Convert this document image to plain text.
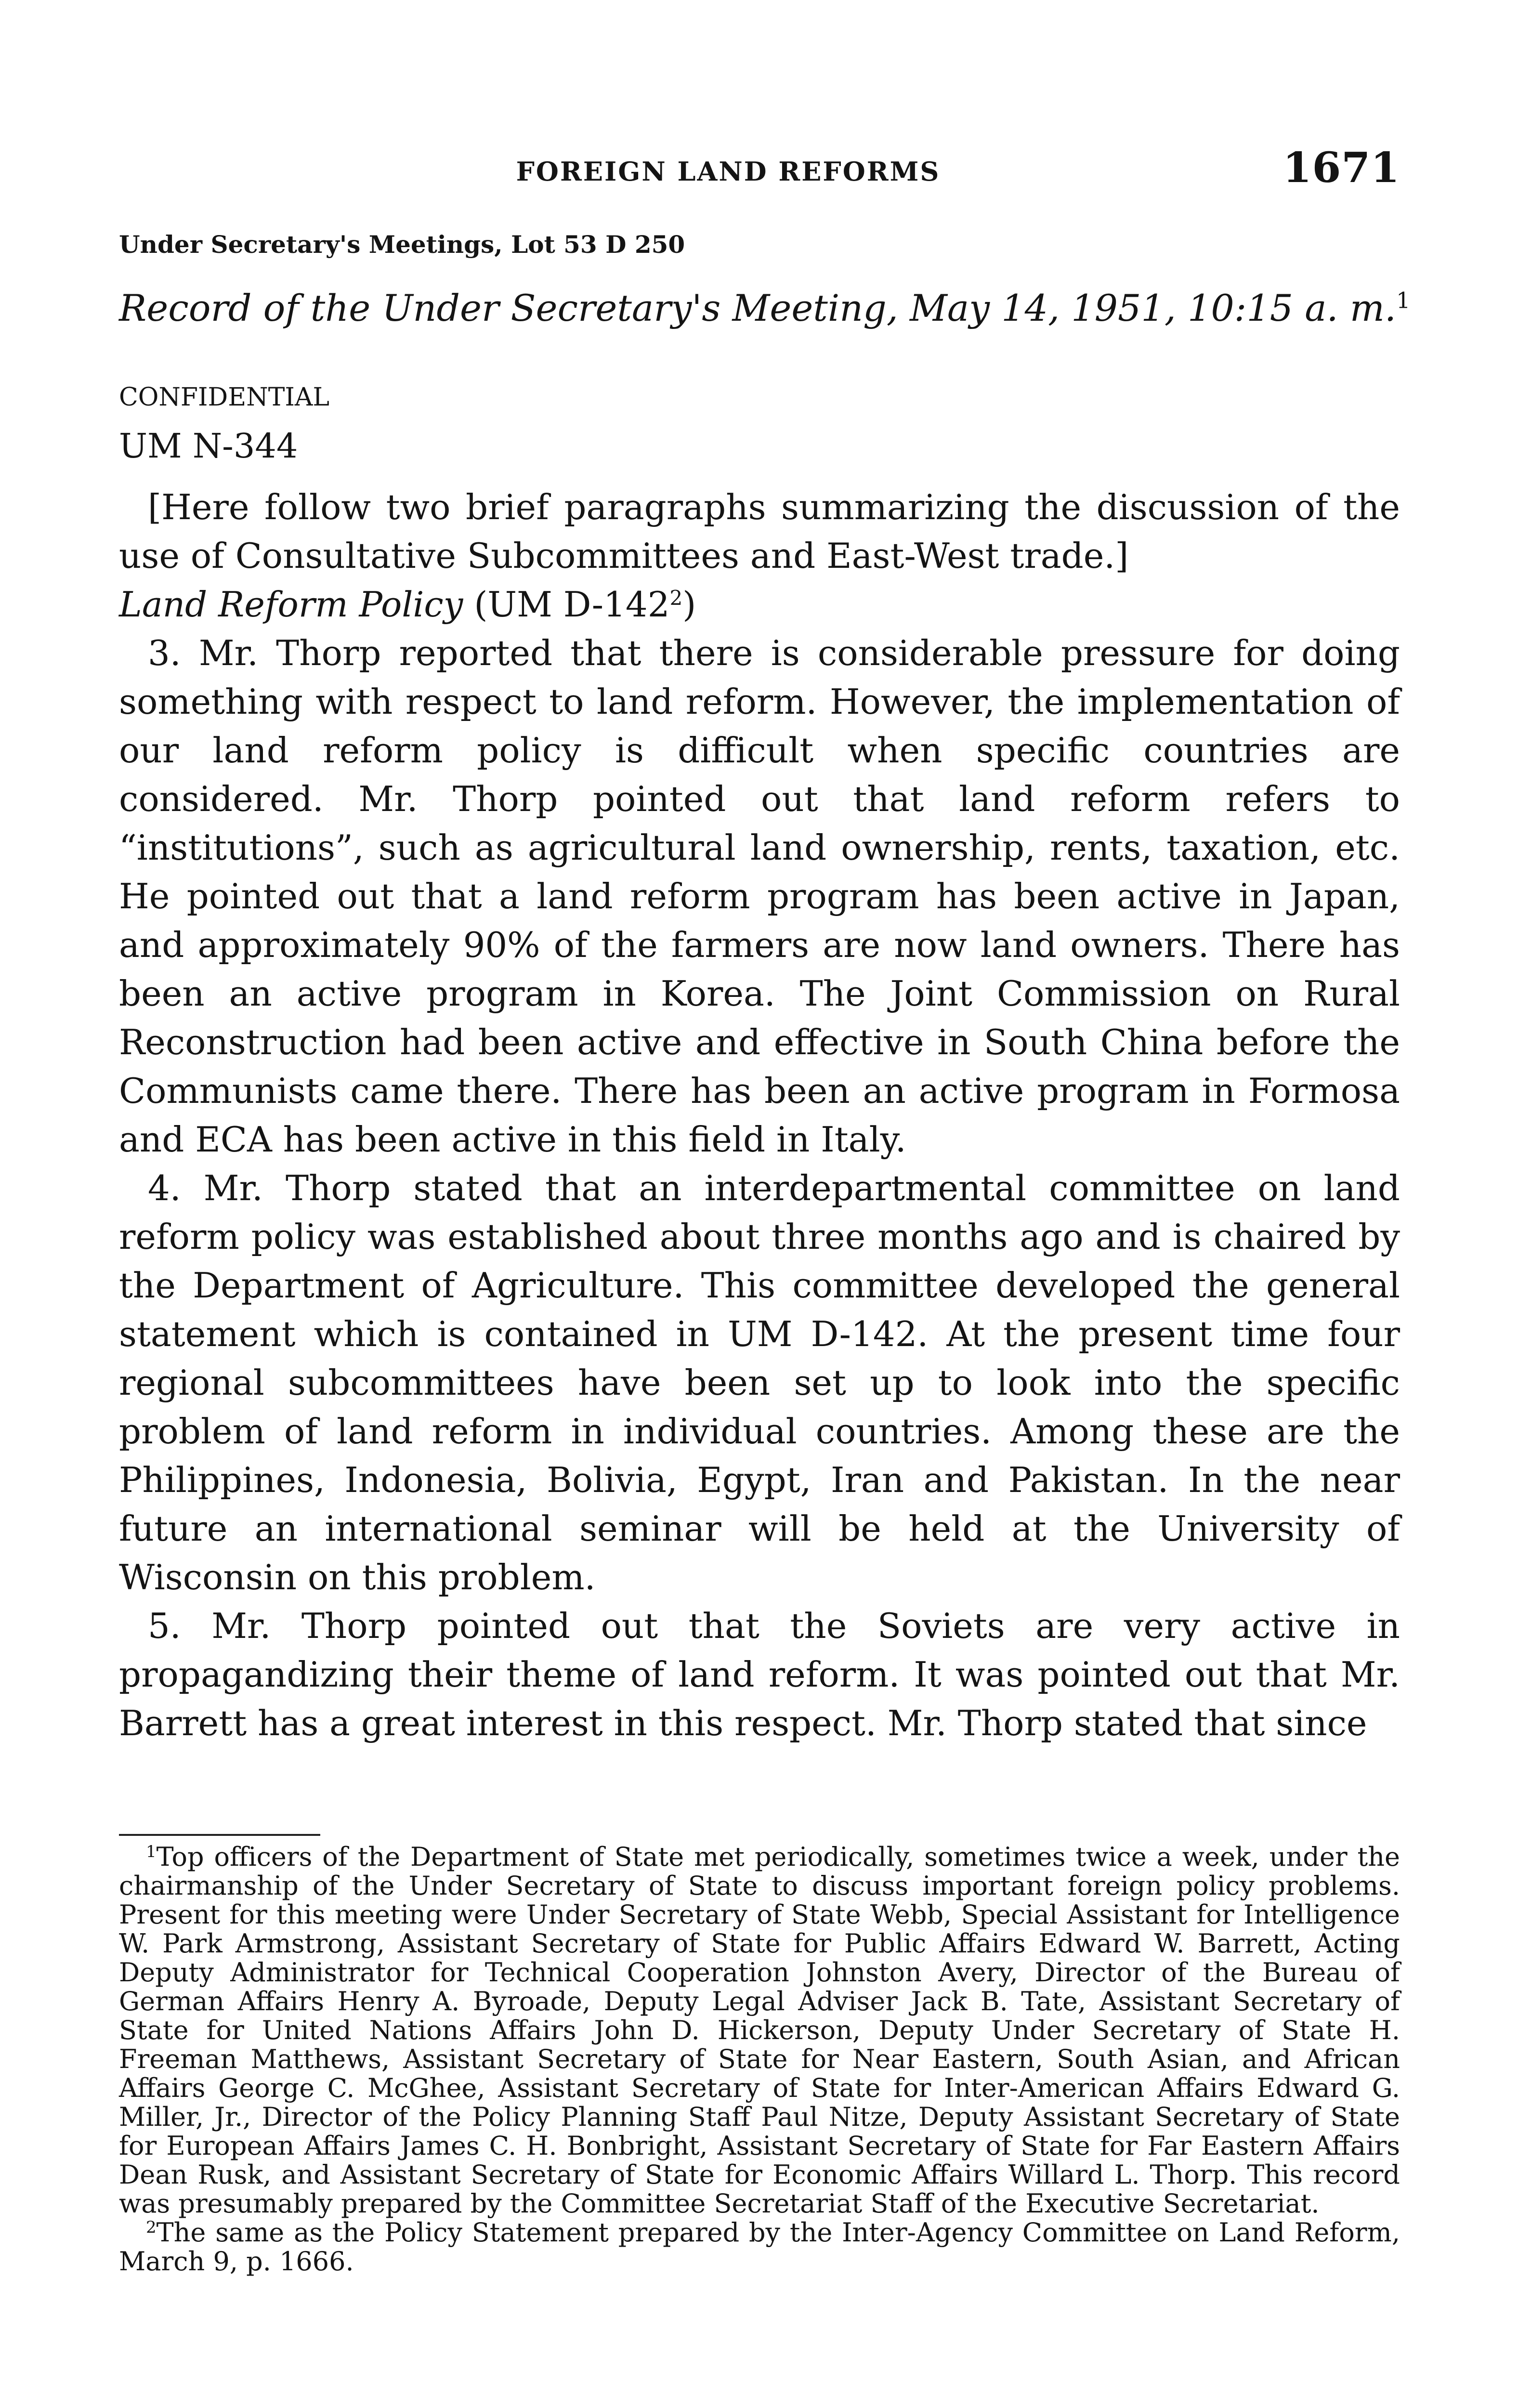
FOREIGN LAND REFORMS	1671
Under Secretary's Meetings, Lot 53 D 250
Record of the Under Secretary's Meeting, May 14, 1951, 10:15 a. m.$^1$
CONFIDENTIAL
UM N-344

[Here follow two brief paragraphs summarizing the discussion of the use of Consultative Subcommittees and East-West trade.]

Land Reform Policy (UM D-142$^2$)

3. Mr. Thorp reported that there is considerable pressure for doing something with respect to land reform. However, the implementation of our land reform policy is difficult when specific countries are considered. Mr. Thorp pointed out that land reform refers to “institutions”, such as agricultural land ownership, rents, taxation, etc. He pointed out that a land reform program has been active in Japan, and approximately 90% of the farmers are now land owners. There has been an active program in Korea. The Joint Commission on Rural Reconstruction had been active and effective in South China before the Communists came there. There has been an active program in Formosa and ECA has been active in this field in Italy.

4. Mr. Thorp stated that an interdepartmental committee on land reform policy was established about three months ago and is chaired by the Department of Agriculture. This committee developed the general statement which is contained in UM D-142. At the present time four regional subcommittees have been set up to look into the specific problem of land reform in individual countries. Among these are the Philippines, Indonesia, Bolivia, Egypt, Iran and Pakistan. In the near future an international seminar will be held at the University of Wisconsin on this problem.

5. Mr. Thorp pointed out that the Soviets are very active in propagandizing their theme of land reform. It was pointed out that Mr. Barrett has a great interest in this respect. Mr. Thorp stated that since

$^1$Top officers of the Department of State met periodically, sometimes twice a week, under the chairmanship of the Under Secretary of State to discuss important foreign policy problems. Present for this meeting were Under Secretary of State Webb, Special Assistant for Intelligence W. Park Armstrong, Assistant Secretary of State for Public Affairs Edward W. Barrett, Acting Deputy Administrator for Technical Cooperation Johnston Avery, Director of the Bureau of German Affairs Henry A. Byroade, Deputy Legal Adviser Jack B. Tate, Assistant Secretary of State for United Nations Affairs John D. Hickerson, Deputy Under Secretary of State H. Freeman Matthews, Assistant Secretary of State for Near Eastern, South Asian, and African Affairs George C. McGhee, Assistant Secretary of State for Inter-American Affairs Edward G. Miller, Jr., Director of the Policy Planning Staff Paul Nitze, Deputy Assistant Secretary of State for European Affairs James C. H. Bonbright, Assistant Secretary of State for Far Eastern Affairs Dean Rusk, and Assistant Secretary of State for Economic Affairs Willard L. Thorp. This record was presumably prepared by the Committee Secretariat Staff of the Executive Secretariat.

$^2$The same as the Policy Statement prepared by the Inter-Agency Committee on Land Reform, March 9, p. 1666.
